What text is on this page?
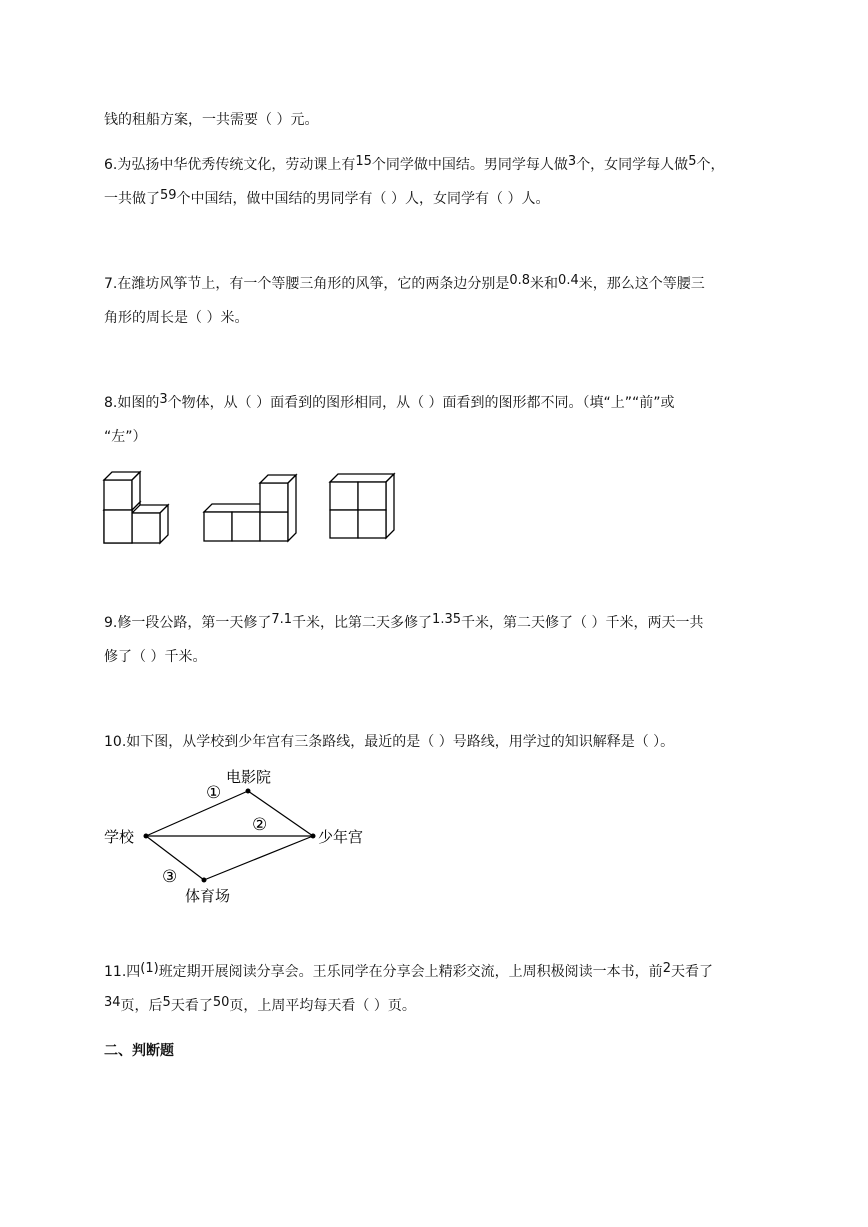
钱的租船方案，一共需要（ ）元。
6.为弘扬中华优秀传统文化，劳动课上有15个同学做中国结。男同学每人做3个，女同学每人做5个，
一共做了59个中国结，做中国结的男同学有（ ）人，女同学有（ ）人。
7.在潍坊风筝节上，有一个等腰三角形的风筝，它的两条边分别是0.8米和0.4米，那么这个等腰三
角形的周长是（ ）米。
8.如图的3个物体，从（ ）面看到的图形相同，从（ ）面看到的图形都不同。（填“上”“前”或
“左”）
9.修一段公路，第一天修了7.1千米，比第二天多修了1.35千米，第二天修了（ ）千米，两天一共
修了（ ）千米。
10.如下图，从学校到少年宫有三条路线，最近的是（ ）号路线，用学过的知识解释是（ ）。
学校
电影院
少年宫
体育场
①
②
③
11.四(1)班定期开展阅读分享会。王乐同学在分享会上精彩交流，上周积极阅读一本书，前2天看了
34页，后5天看了50页，上周平均每天看（ ）页。
二、判断题
